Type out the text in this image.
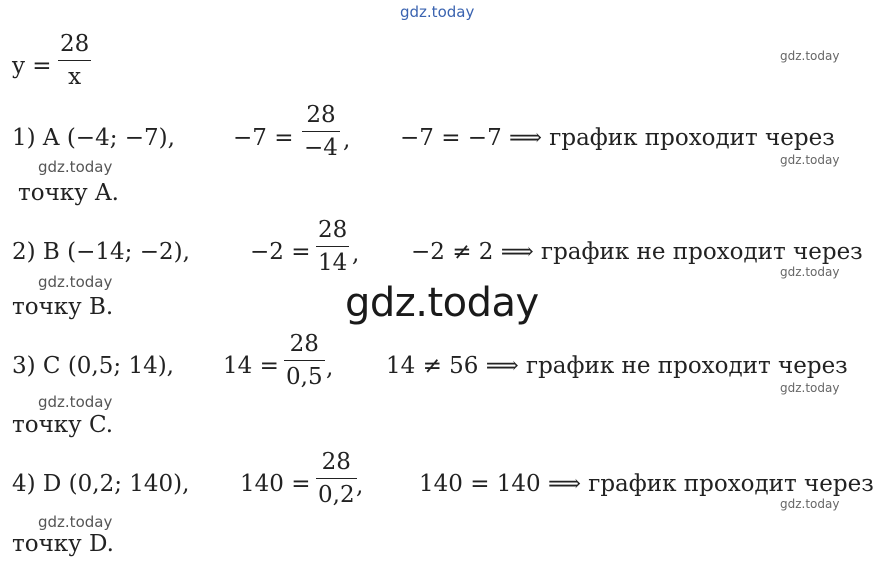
gdz.today
gdz.today
gdz.today
gdz.today
gdz.today
gdz.today
gdz.today
gdz.today
gdz.today
gdz.today
gdz.today
y =
28
x
1) A (−4; −7),	−7 =
28
−4 , −7 = −7 ⟹ график проходит через
точку A.
2) B (−14; −2),	−2 =
28
14 , −2 ≠ 2 ⟹ график не проходит через
точку B.
3) C (0,5; 14), 14 =
28
0,5 , 14 ≠ 56 ⟹ график не проходит через
точку C.
4) D (0,2; 140), 140 =
28
0,2 , 140 = 140 ⟹ график проходит через
точку D.
